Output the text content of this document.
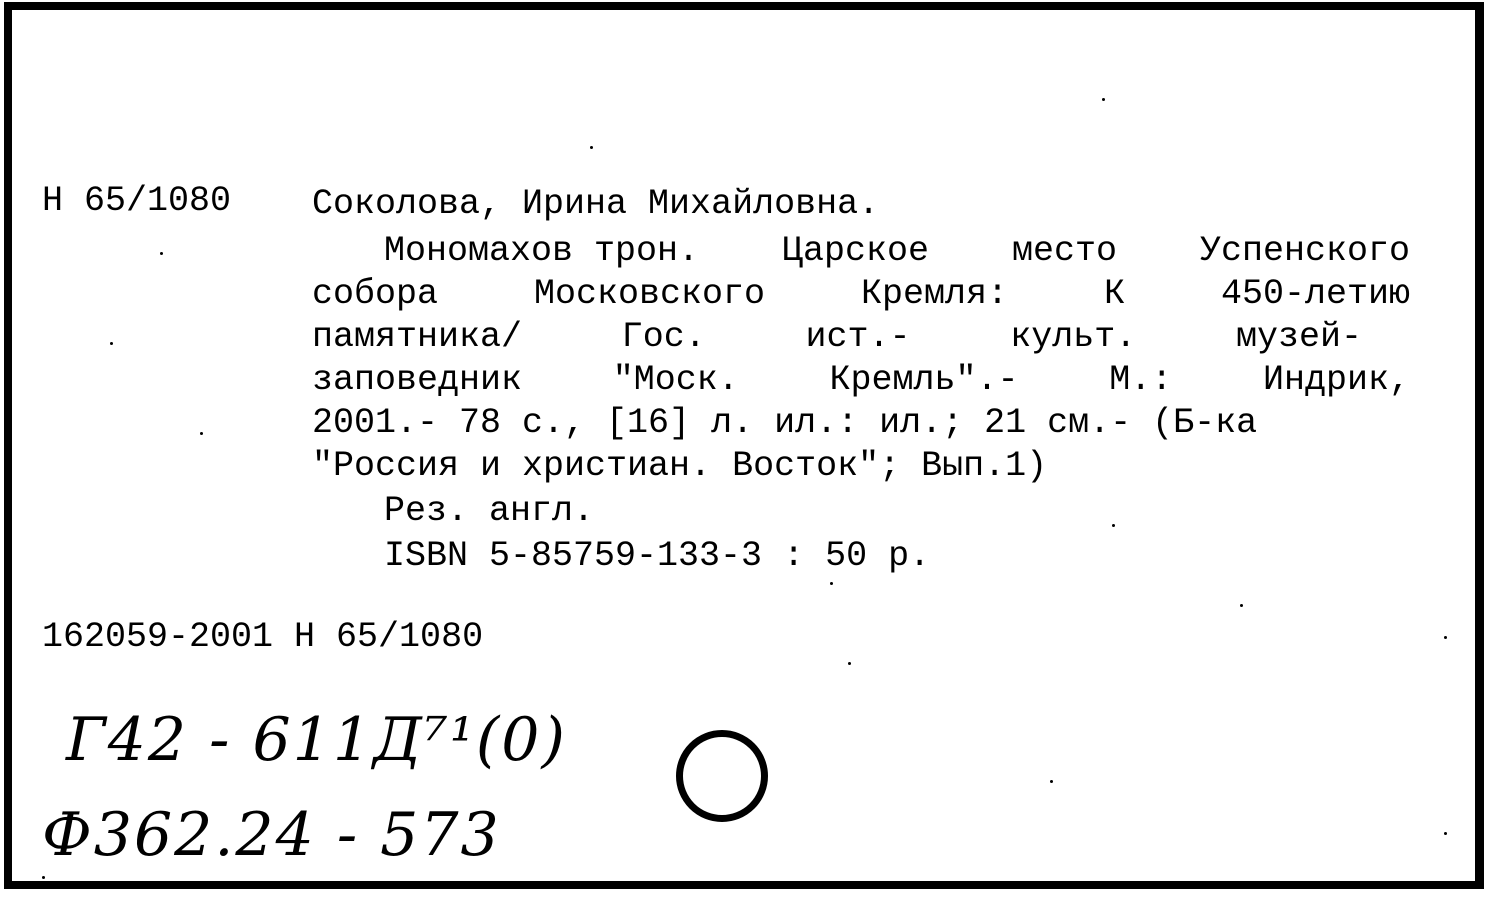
Н 65/1080 Соколова, Ирина Михайловна.
Мономахов трон. Царское место Успенского
собора	Московского	Кремля:	К	450-летию
памятника/	Гос.	ист.-	культ.	музей-
заповедник	"Моск.	Кремль".-	М.:	Индрик,
2001.- 78 с., [16] л. ил.: ил.; 21 см.- (Б-ка
"Россия и христиан. Восток"; Вып.1)
Рез. англ.
ISBN 5-85759-133-3 : 50 р.
162059-2001 Н 65/1080
Г42 - 611Д⁷¹(0)
Ф362.24 - 573
